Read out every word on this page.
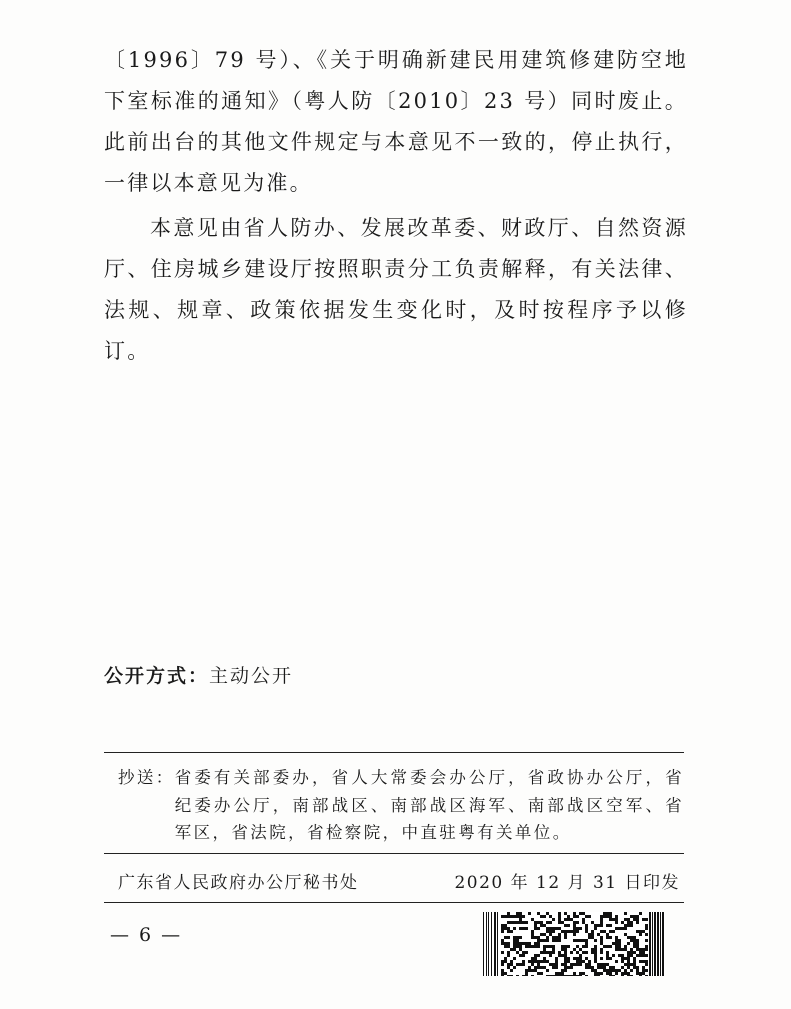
〔1996〕79 号）、《关于明确新建民用建筑修建防空地下室标准的通知》（粤人防〔2010〕23 号）同时废止。此前出台的其他文件规定与本意见不一致的，停止执行，一律以本意见为准。

本意见由省人防办、发展改革委、财政厅、自然资源厅、住房城乡建设厅按照职责分工负责解释，有关法律、法规、规章、政策依据发生变化时，及时按程序予以修订。

公开方式：主动公开
抄送： 省委有关部委办，省人大常委会办公厅，省政协办公厅，省纪委办公厅，南部战区、南部战区海军、南部战区空军、省军区，省法院，省检察院，中直驻粤有关单位。
广东省人民政府办公厅秘书处	2020 年 12 月 31 日印发
— 6 —
